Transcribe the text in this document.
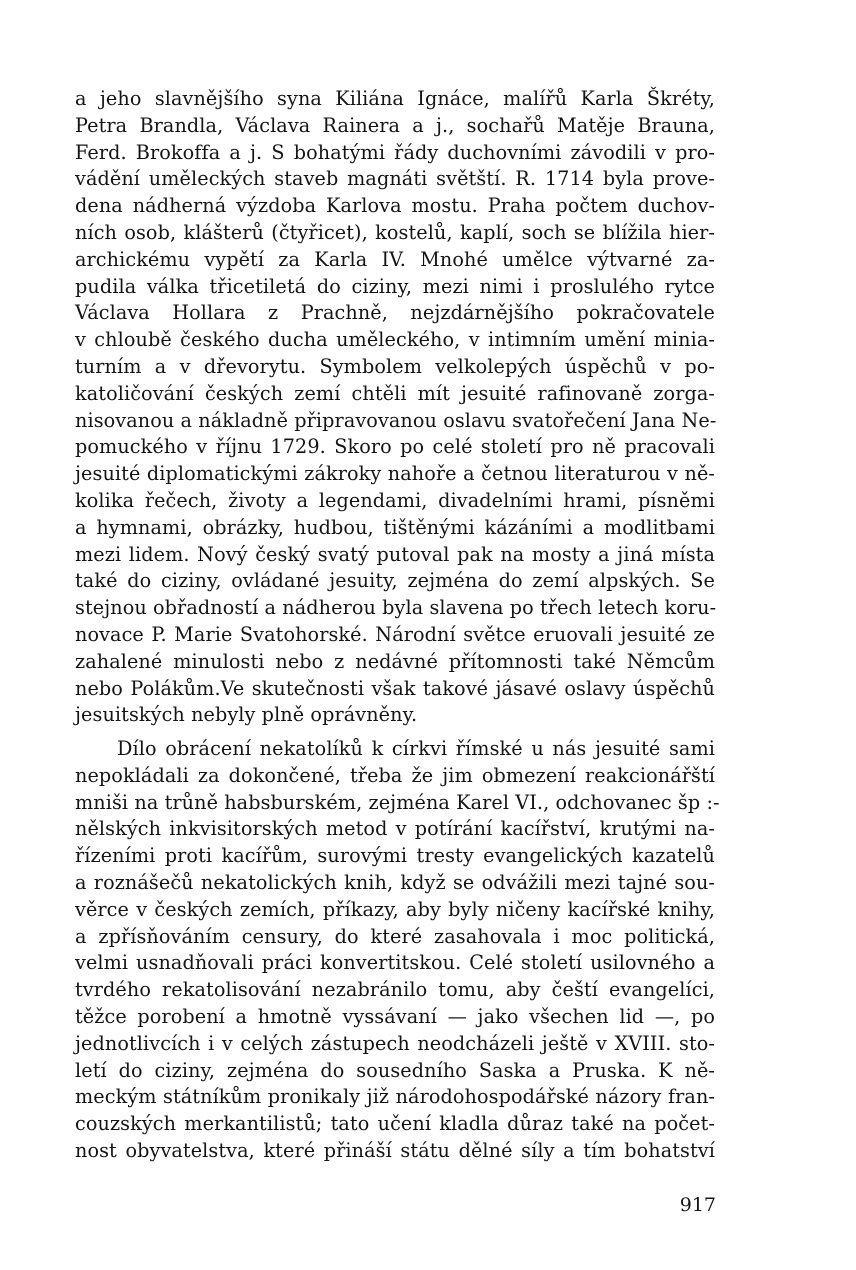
a jeho slavnějšího syna Kiliána Ignáce, malířů Karla Škréty,
Petra Brandla, Václava Rainera a j., sochařů Matěje Brauna,
Ferd. Brokoffa a j. S bohatými řády duchovními závodili v pro-
vádění uměleckých staveb magnáti světští. R. 1714 byla prove-
dena nádherná výzdoba Karlova mostu. Praha počtem duchov-
ních osob, klášterů (čtyřicet), kostelů, kaplí, soch se blížila hier-
archickému vypětí za Karla IV. Mnohé umělce výtvarné za-
pudila válka třicetiletá do ciziny, mezi nimi i proslulého rytce
Václava Hollara z Prachně, nejzdárnějšího pokračovatele
v chloubě českého ducha uměleckého, v intimním umění minia-
turním a v dřevorytu. Symbolem velkolepých úspěchů v po-
katoličování českých zemí chtěli mít jesuité rafinovaně zorga-
nisovanou a nákladně připravovanou oslavu svatořečení Jana Ne-
pomuckého v říjnu 1729. Skoro po celé století pro ně pracovali
jesuité diplomatickými zákroky nahoře a četnou literaturou v ně-
kolika řečech, životy a legendami, divadelními hrami, písněmi
a hymnami, obrázky, hudbou, tištěnými kázáními a modlitbami
mezi lidem. Nový český svatý putoval pak na mosty a jiná místa
také do ciziny, ovládané jesuity, zejména do zemí alpských. Se
stejnou obřadností a nádherou byla slavena po třech letech koru-
novace P. Marie Svatohorské. Národní světce eruovali jesuité ze
zahalené minulosti nebo z nedávné přítomnosti také Němcům
nebo Polákům.Ve skutečnosti však takové jásavé oslavy úspěchů
jesuitských nebyly plně oprávněny.
Dílo obrácení nekatolíků k církvi římské u nás jesuité sami
nepokládali za dokončené, třeba že jim obmezení reakcionářští
mniši na trůně habsburském, zejména Karel VI., odchovanec šp :-
nělských inkvisitorských metod v potírání kacířství, krutými na-
řízeními proti kacířům, surovými tresty evangelických kazatelů
a roznášečů nekatolických knih, když se odvážili mezi tajné sou-
věrce v českých zemích, příkazy, aby byly ničeny kacířské knihy,
a zpřísňováním censury, do které zasahovala i moc politická,
velmi usnadňovali práci konvertitskou. Celé století usilovného a
tvrdého rekatolisování nezabránilo tomu, aby čeští evangelíci,
těžce porobení a hmotně vyssávaní — jako všechen lid —, po
jednotlivcích i v celých zástupech neodcházeli ještě v XVIII. sto-
letí do ciziny, zejména do sousedního Saska a Pruska. K ně-
meckým státníkům pronikaly již národohospodářské názory fran-
couzských merkantilistů; tato učení kladla důraz také na počet-
nost obyvatelstva, které přináší státu dělné síly a tím bohatství
917
